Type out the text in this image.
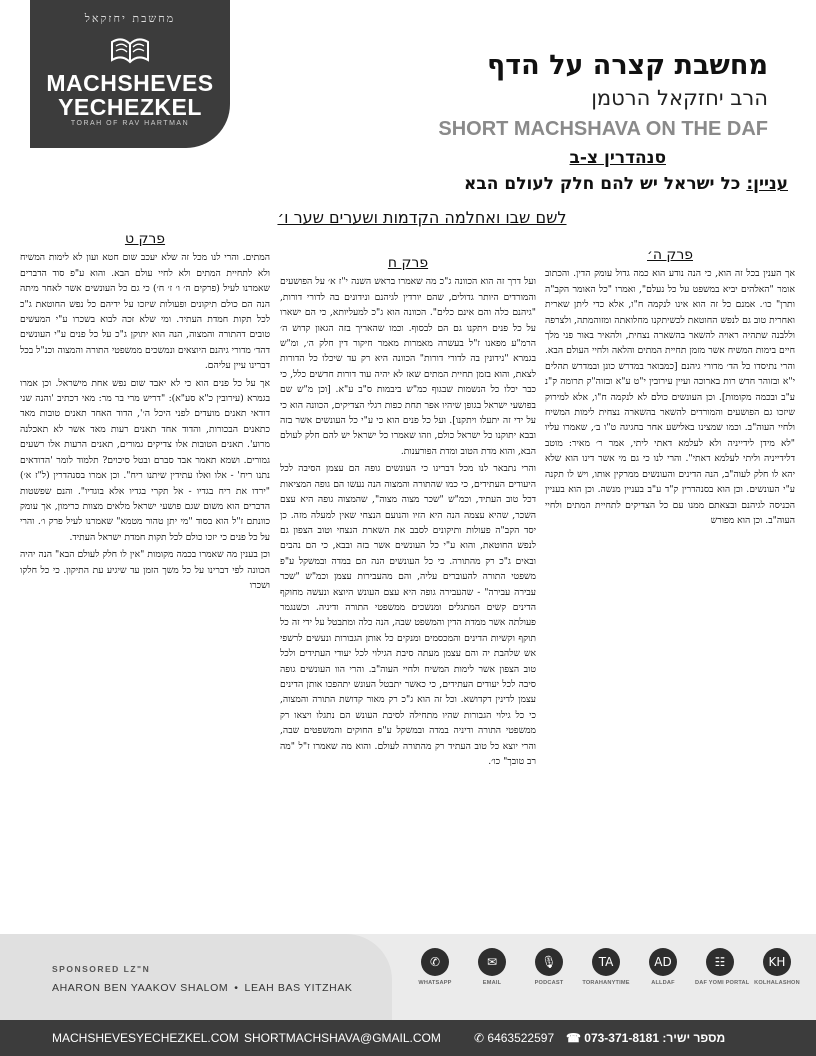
מחשבת יחזקאל
MACHSHEVES
YECHEZKEL
TORAH OF RAV HARTMAN
מחשבת קצרה על הדף
הרב יחזקאל הרטמן
SHORT MACHSHAVA ON THE DAF
סנהדרין צ-ב
עניין: כל ישראל יש להם חלק לעולם הבא
לשם שבו ואחלמה הקדמות ושערים שער ו׳
פרק ה׳

אך הענין בכל זה הוא, כי הנה נודע הוא כמה גדול עומק הדין. והכתוב אומר "האלהים יביא במשפט על כל נעלם", ואמרו "כל האומר הקב"ה ותרן" כו׳. אמנם כל זה הוא אינו לנקמה ח"ו, אלא כדי ליתן שארית ואחרית טוב גם לנפש החוטאת לכשיתקנו מחלואתה ומזוהמתה, ולצרפה וללבנה שתהיה ראויה להשאר בהשארה נצחית, ולהאיר באור פני מלך חיים בימות המשיח אשר מזמן תחיית המתים והלאה ולחיי העולם הבא. והרי נתיסדו כל הד׳ מדורי גיהנם [כמבואר במדרש כונן ובמדרש תהלים י"א ובזוהר חדש רות בארוכה ועיין עירובין י"ט ע"א ובזוה"ק תרומה ק"נ ע"ב ובכמה מקומות]. וכן העונשים כולם לא לנקמה ח"ו, אלא למירוק שיזכו גם הפושעים והמורדים להשאר בהשארה נצחית לימות המשיח ולחיי העוה"ב. וכמו שמצינו באלישע אחר בחגיגה ט"ו ב׳, שאמרו עליו "לא מידן לידייניה ולא לעלמא דאתי ליתי, אמר ר׳ מאיר: מוטב דלידייניה וליתי לעלמא דאתי". והרי לנו כי גם מי אשר דינו הוא שלא יהא לו חלק לעוה"ב, הנה הדינים והעונשים ממרקין אותו, ויש לו תקנה ע"י העונשים. וכן הוא בסנהדרין ק"ד ע"ב בעניין מנשה. וכן הוא בעניין הכניסה לגיהנם ובצאתם ממנו עם כל הצדיקים לתחיית המתים ולחיי העוה"ב. וכן הוא מפורש

פרק ח

ועל דרך זה הוא הכוונה ג"כ מה שאמרו בראש השנה י"ז א׳ על הפושעים והמורדים היותר גדולים, שהם יורדין לגיהנם ונידונים בה לדורי דורות, "גיהנם כלה והם אינם כלים". הכוונה הוא ג"כ למעליותא, כי הם ישארו על כל פנים ויתקנו גם הם לבסוף. וכמו שהאריך בזה הגאון קדוש ה׳ הרמ"ע מפאנו ז"ל בעשרה מאמרות מאמר חיקור דין חלק ה׳, ומ"ש בגמרא "נידונין בה לדורי דורות" הכוונה היא רק עד שיכלו כל הדורות לצאת, והוא בזמן תחיית המתים שאז לא יהיה עוד דורות חדשים כלל, כי כבר יכלו כל הנשמות שבגוף כמ"ש ביבמות ס"ב ע"א. [וכן מ"ש שם בפושעי ישראל בגופן שיהיו אפר תחת כפות רגלי הצדיקים, הכוונה הוא כי על ידי זה יתעלו ויתקנו]. ועל כל פנים הוא כי ע"י כל העונשים אשר בזה ובבא יתוקנו כל ישראל כולם, וזהו שאמרו כל ישראל יש להם חלק לעולם הבא, והוא מדת הטוב ומדת הפורענות.

והרי נתבאר לנו מכל דברינו כי העונשים גופה הם עצמן הסיבה לכל היעודים העתידים, כי כמו שהתורה והמצוה הנה נעשו הם גופה המציאות דכל טוב העתיד, וכמ"ש "שכר מצוה מצוה", שהמצוה גופה היא עצם השכר, שהיא עצמה הנה היא הזיו והנועם הנצחי שאין למעלה מזה. כן יסד הקב"ה פעולות ותיקונים לסבב את השארת הנצחי וטוב הצפון גם לנפש החוטאת, והוא ע"י כל העונשים אשר בזה ובבא, כי הם נהבים ובאים ג"כ רק מהתורה. כי כל העונשים הנה הם במדה ובמשקל ע"פ משפטי התורה להעוברים עליה, והם מהעבירות עצמן וכמ"ש "שכר עבירה עבירה" - שהעבירה גופה היא עצם העונש היוצא ונעשה מחוקף הדינים קשים המתגלים ומנשכים ממשפטי התורה ודיניה. וכשנגמר פעולתה אשר ממדת הדין והמשפט שבה, הנה כלה ומתבטל על ידי זה כל תוקף וקשיות הדינים והמכסמים ומנקים כל אותן הגבורות ונעשים לרשפי אש שלהבת יה והם עצמן מעתה סיבת הגילוי לכל יעודי העתידים ולכל טוב הצפון אשר לימות המשיח ולחיי העוה"ב. והרי הוו העונשים גופה סיבה לכל יעודים העתידים, כי כאשר יתבטל העונש יתהפכו אותן הדינים עצמן לדינין דקדושא. וכל זה הוא ג"כ רק מאור קדושת התורה והמצוה, כי כל גילוי הגבורות שהיו מתחילה לסיבת העונש הם נתגלו ויצאו רק ממשפטי התורה ודיניה במדה ובמשקל ע"פ החוקים והמשפטים שבה, והרי יוצא כל טוב העתיד רק מהתורה לעולם. והוא מה שאמרו ז"ל "מה רב טובך" כו׳.

פרק ט

המתים. והרי לנו מכל זה שלא יעכב שום חטא ועון לא לימות המשיח ולא לתחיית המתים ולא לחיי עולם הבא. והוא ע"פ סוד הדברים שאמרנו לעיל (פרקים ה׳ ו׳ ז׳ ח׳) כי גם כל העונשים אשר לאחר מיתה הנה הם כולם תיקונים ופעולות שיזכו על ידיהם כל נפש החוטאת ג"כ לכל תקות חמדת העתיד. ומי שלא זכה לבוא בשכרו ע"י המעשים טובים דהתורה והמצוה, הנה הוא יתוקן ג"כ על כל פנים ע"י העונשים דהד׳ מדורי גיהנם היוצאים ונמשכים ממשפטי התורה והמצוה וכנ"ל בכל דברינו עיין עליהם.

אך על כל פנים הוא כי לא יאבד שום נפש אחת מישראל. וכן אמרו בגמרא (עירובין כ"א סע"א): "דריש מרי בר מר: מאי דכתיב 'והנה שני דודאי תאנים מועדים לפני היכל ה׳', הדוד האחד תאנים טובות מאד כתאנים הבכורות, והדוד אחד תאנים רעות מאד אשר לא תאכלנה מרוע'. תאנים הטובות אלו צדיקים גמורים, תאנים הרעות אלו רשעים גמורים. ושמא תאמר אבד סברם ובטל סיכוים? תלמוד לומר 'הדודאים נתנו ריח' - אלו ואלו עתידין שיתנו ריח". וכן אמרו בסנהדרין (ל"ז א׳) "ירדו את ריח בגדיו - אל תקרי בגדיו אלא בוגדיו". והנם שפשטות הדברים הוא משום שגם פושעי ישראל מלאים מצוות כרימון, אך עומק כוונתם ז"ל הוא בסוד "מי יתן טהור מטמא" שאמרנו לעיל פרק ו׳. והרי על כל פנים כי יזכו כולם לכל תקות חמדת ישראל העתיד.

וכן בענין מה שאמרו בכמה מקומות "אין לו חלק לעולם הבא" הנה יהיה הכוונה לפי דברינו על כל משך הזמן עד שיגיע עת התיקון. כי כל חלקו ושכרו

SPONSORED LZ"N
AHARON BEN YAAKOV SHALOM • LEAH BAS YITZHAK
✆
WHATSAPP
✉
EMAIL
🎙
PODCAST
TA
TORAHANYTIME
AD
ALLDAF
☷
DAF YOMI PORTAL
KH
KOLHALASHON
MACHSHEVESYECHEZKEL.COM SHORTMACHSHAVA@GMAIL.COM	✆ 6463522597 מספר ישיר: 073-371-8181 ☎
